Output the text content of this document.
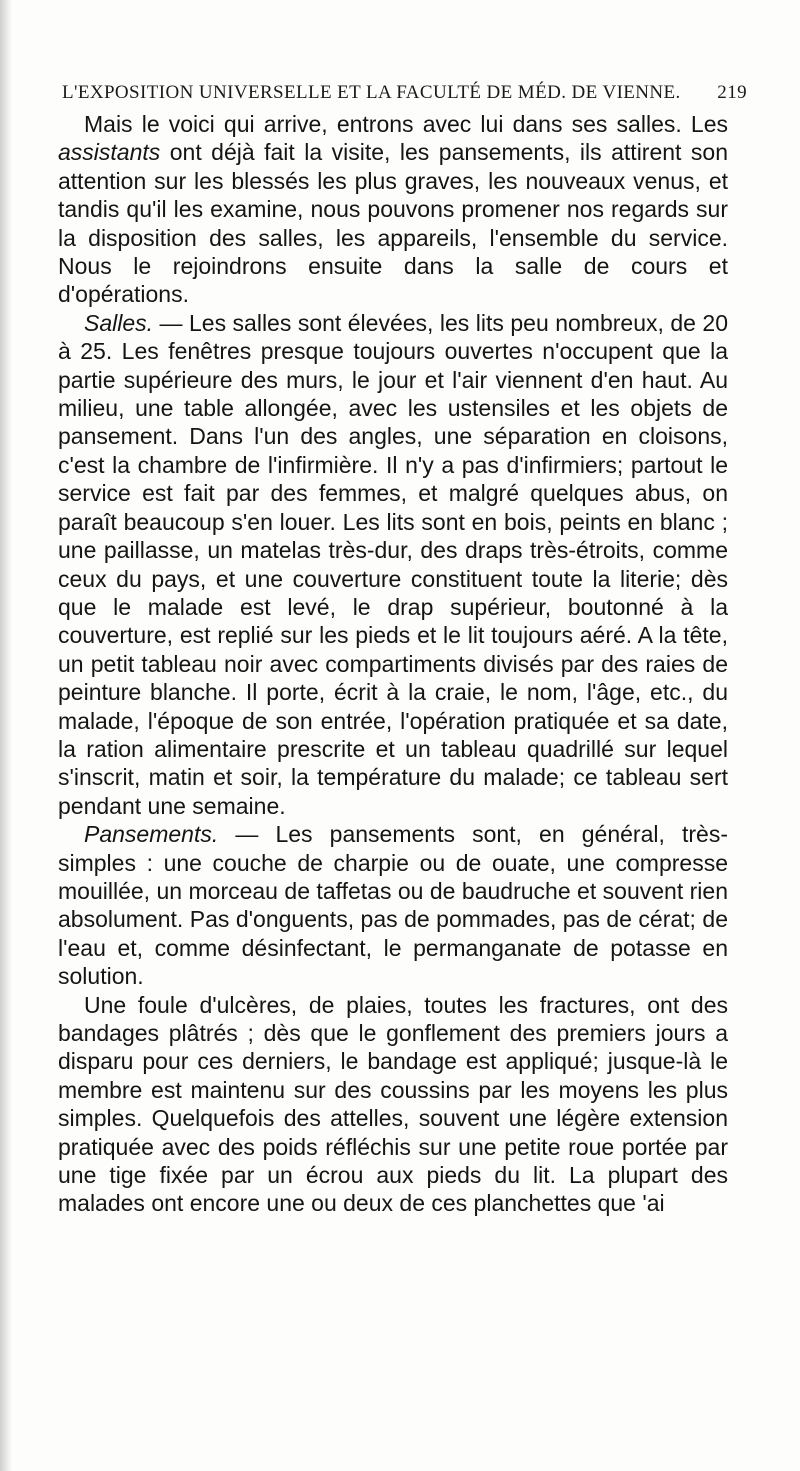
L'EXPOSITION UNIVERSELLE ET LA FACULTÉ DE MÉD. DE VIENNE. 219

Mais le voici qui arrive, entrons avec lui dans ses salles. Les assistants ont déjà fait la visite, les pansements, ils attirent son attention sur les blessés les plus graves, les nouveaux venus, et tandis qu'il les examine, nous pouvons promener nos regards sur la disposition des salles, les appareils, l'ensemble du service. Nous le rejoindrons ensuite dans la salle de cours et d'opérations.

Salles. — Les salles sont élevées, les lits peu nombreux, de 20 à 25. Les fenêtres presque toujours ouvertes n'occupent que la partie supérieure des murs, le jour et l'air viennent d'en haut. Au milieu, une table allongée, avec les ustensiles et les objets de pansement. Dans l'un des angles, une séparation en cloisons, c'est la chambre de l'infirmière. Il n'y a pas d'infirmiers; partout le service est fait par des femmes, et malgré quelques abus, on paraît beaucoup s'en louer. Les lits sont en bois, peints en blanc ; une paillasse, un matelas très-dur, des draps très-étroits, comme ceux du pays, et une couverture constituent toute la literie; dès que le malade est levé, le drap supérieur, boutonné à la couverture, est replié sur les pieds et le lit toujours aéré. A la tête, un petit tableau noir avec compartiments divisés par des raies de peinture blanche. Il porte, écrit à la craie, le nom, l'âge, etc., du malade, l'époque de son entrée, l'opération pratiquée et sa date, la ration alimentaire prescrite et un tableau quadrillé sur lequel s'inscrit, matin et soir, la température du malade; ce tableau sert pendant une semaine.

Pansements. — Les pansements sont, en général, très-simples : une couche de charpie ou de ouate, une compresse mouillée, un morceau de taffetas ou de baudruche et souvent rien absolument. Pas d'onguents, pas de pommades, pas de cérat; de l'eau et, comme désinfectant, le permanganate de potasse en solution.

Une foule d'ulcères, de plaies, toutes les fractures, ont des bandages plâtrés ; dès que le gonflement des premiers jours a disparu pour ces derniers, le bandage est appliqué; jusque-là le membre est maintenu sur des coussins par les moyens les plus simples. Quelquefois des attelles, souvent une légère extension pratiquée avec des poids réfléchis sur une petite roue portée par une tige fixée par un écrou aux pieds du lit. La plupart des malades ont encore une ou deux de ces planchettes que 'ai
